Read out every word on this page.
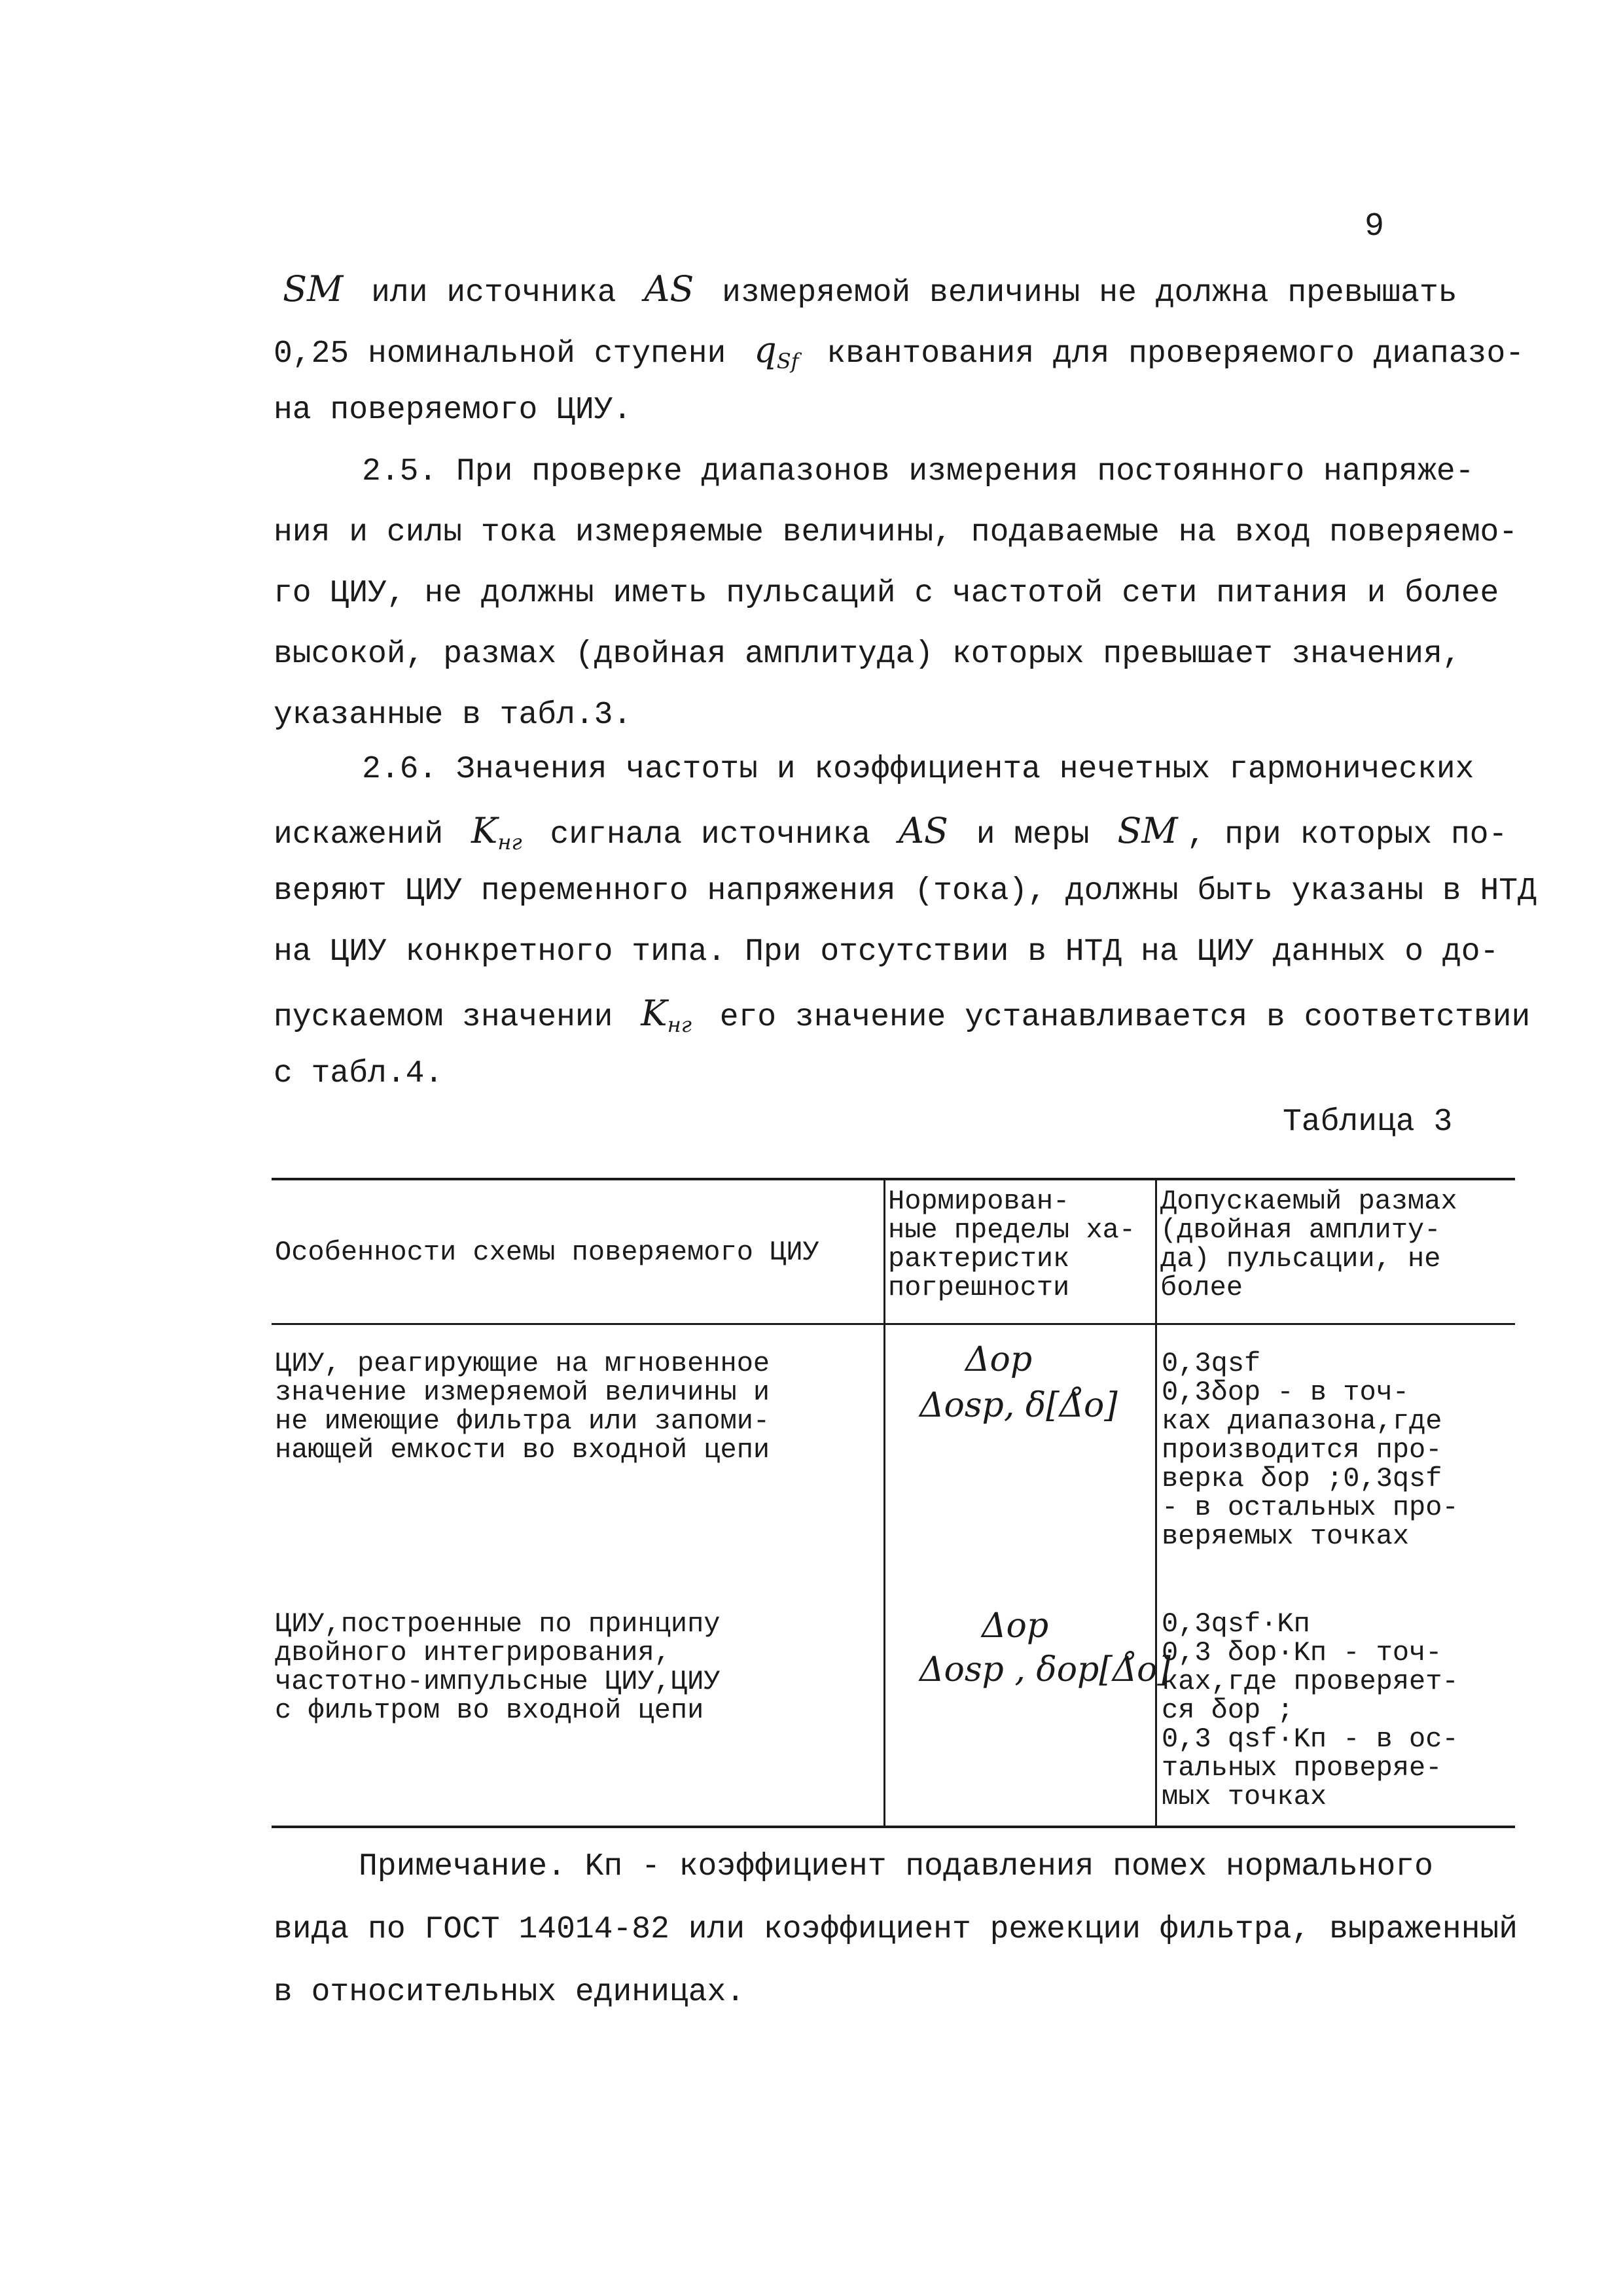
9
SM или источника AS измеряемой величины не должна превышать
0,25 номинальной ступени $q_{Sf}$ квантования для проверяемого диапазо-
на поверяемого ЦИУ.
2.5. При проверке диапазонов измерения постоянного напряже-
ния и силы тока измеряемые величины, подаваемые на вход поверяемо-
го ЦИУ, не должны иметь пульсаций с частотой сети питания и более
высокой, размах (двойная амплитуда) которых превышает значения,
указанные в табл.3.
2.6. Значения частоты и коэффициента нечетных гармонических
искажений $K_{нг}$ сигнала источника AS и меры SM , при которых по-
веряют ЦИУ переменного напряжения (тока), должны быть указаны в НТД
на ЦИУ конкретного типа. При отсутствии в НТД на ЦИУ данных о до-
пускаемом значении $K_{нг}$ его значение устанавливается в соответствии
с табл.4.
Таблица 3
Особенности схемы поверяемого ЦИУ
Нормирован-
ные пределы ха-
рактеристик
погрешности
Допускаемый размах
(двойная амплиту-
да) пульсации, не
более
ЦИУ, реагирующие на мгновенное
значение измеряемой величины и
не имеющие фильтра или запоми-
нающей емкости во входной цепи
Δор
Δоsр, δ[Δ̊о]
0,3qsf
0,3δор - в точ-
ках диапазона,где
производится про-
верка δор ;0,3qsf
- в остальных про-
веряемых точках
ЦИУ,построенные по принципу
двойного интегрирования,
частотно-импульсные ЦИУ,ЦИУ
с фильтром во входной цепи
Δор
Δоsр , δор[Δ̊о]
0,3qsf·Kп
0,3 δор·Kп - точ-
ках,где проверяет-
ся δор ;
0,3 qsf·Kп - в ос-
тальных проверяе-
мых точках
Примечание. Kп - коэффициент подавления помех нормального
вида по ГОСТ 14014-82 или коэффициент режекции фильтра, выраженный
в относительных единицах.
